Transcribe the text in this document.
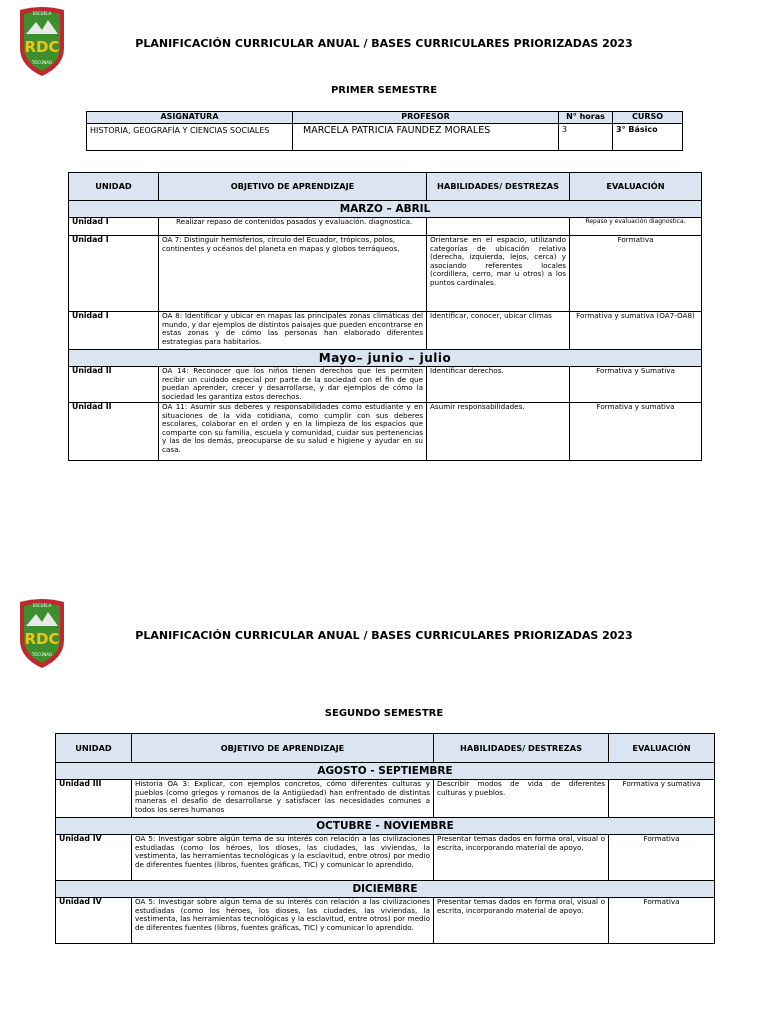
ESCUELA
RDC
TOCONAO
PLANIFICACIÓN CURRICULAR ANUAL / BASES CURRICULARES PRIORIZADAS 2023
PRIMER SEMESTRE
ASIGNATURA	PROFESOR	N° horas	CURSO
HISTORIA, GEOGRAFÍA Y CIENCIAS SOCIALES	MARCELA PATRICIA FAUNDEZ MORALES	3	3° Básico
UNIDAD	OBJETIVO DE APRENDIZAJE	HABILIDADES/ DESTREZAS	EVALUACIÓN
MARZO – ABRIL			
Unidad I	Realizar repaso de contenidos pasados y evaluación. diagnostica.		Repaso y evaluación diagnostica.
Unidad I	OA 7: Distinguir hemisferios, círculo del Ecuador, trópicos, polos, continentes y océanos del planeta en mapas y globos terráqueos.	Orientarse en el espacio, utilizando categorías de ubicación relativa (derecha, izquierda, lejos, cerca) y asociando referentes locales (cordillera, cerro, mar u otros) a los puntos cardinales.	Formativa
Unidad I	OA 8: Identificar y ubicar en mapas las principales zonas climáticas del mundo, y dar ejemplos de distintos paisajes que pueden encontrarse en estas zonas y de cómo las personas han elaborado diferentes estrategias para habitarlos.	Identificar, conocer, ubicar climas	Formativa y sumativa (OA7-OA8)
Mayo– junio – julio			
Unidad II	OA 14: Reconocer que los niños tienen derechos que les permiten recibir un cuidado especial por parte de la sociedad con el fin de que puedan aprender, crecer y desarrollarse, y dar ejemplos de cómo la sociedad les garantiza estos derechos.	Identificar derechos.	Formativa y Sumativa
Unidad II	OA 11: Asumir sus deberes y responsabilidades como estudiante y en situaciones de la vida cotidiana, como cumplir con sus deberes escolares, colaborar en el orden y en la limpieza de los espacios que comparte con su familia, escuela y comunidad, cuidar sus pertenencias y las de los demás, preocuparse de su salud e higiene y ayudar en su casa.	Asumir responsabilidades.	Formativa y sumativa
ESCUELA
RDC
TOCONAO
PLANIFICACIÓN CURRICULAR ANUAL / BASES CURRICULARES PRIORIZADAS 2023
SEGUNDO SEMESTRE
UNIDAD	OBJETIVO DE APRENDIZAJE	HABILIDADES/ DESTREZAS	EVALUACIÓN
AGOSTO - SEPTIEMBRE			
Unidad III	Historia OA 3: Explicar, con ejemplos concretos, cómo diferentes culturas y pueblos (como griegos y romanos de la Antigüedad) han enfrentado de distintas maneras el desafío de desarrollarse y satisfacer las necesidades comunes a todos los seres humanos	Describir modos de vida de diferentes culturas y pueblos.	Formativa y sumativa
OCTUBRE - NOVIEMBRE			
Unidad IV	OA 5: Investigar sobre algún tema de su interés con relación a las civilizaciones estudiadas (como los héroes, los dioses, las ciudades, las viviendas, la vestimenta, las herramientas tecnológicas y la esclavitud, entre otros) por medio de diferentes fuentes (libros, fuentes gráficas, TIC) y comunicar lo aprendido.	Presentar temas dados en forma oral, visual o escrita, incorporando material de apoyo.	Formativa
DICIEMBRE			
Unidad IV	OA 5: Investigar sobre algún tema de su interés con relación a las civilizaciones estudiadas (como los héroes, los dioses, las ciudades, las viviendas, la vestimenta, las herramientas tecnológicas y la esclavitud, entre otros) por medio de diferentes fuentes (libros, fuentes gráficas, TIC) y comunicar lo aprendido.	Presentar temas dados en forma oral, visual o escrita, incorporando material de apoyo.	Formativa
